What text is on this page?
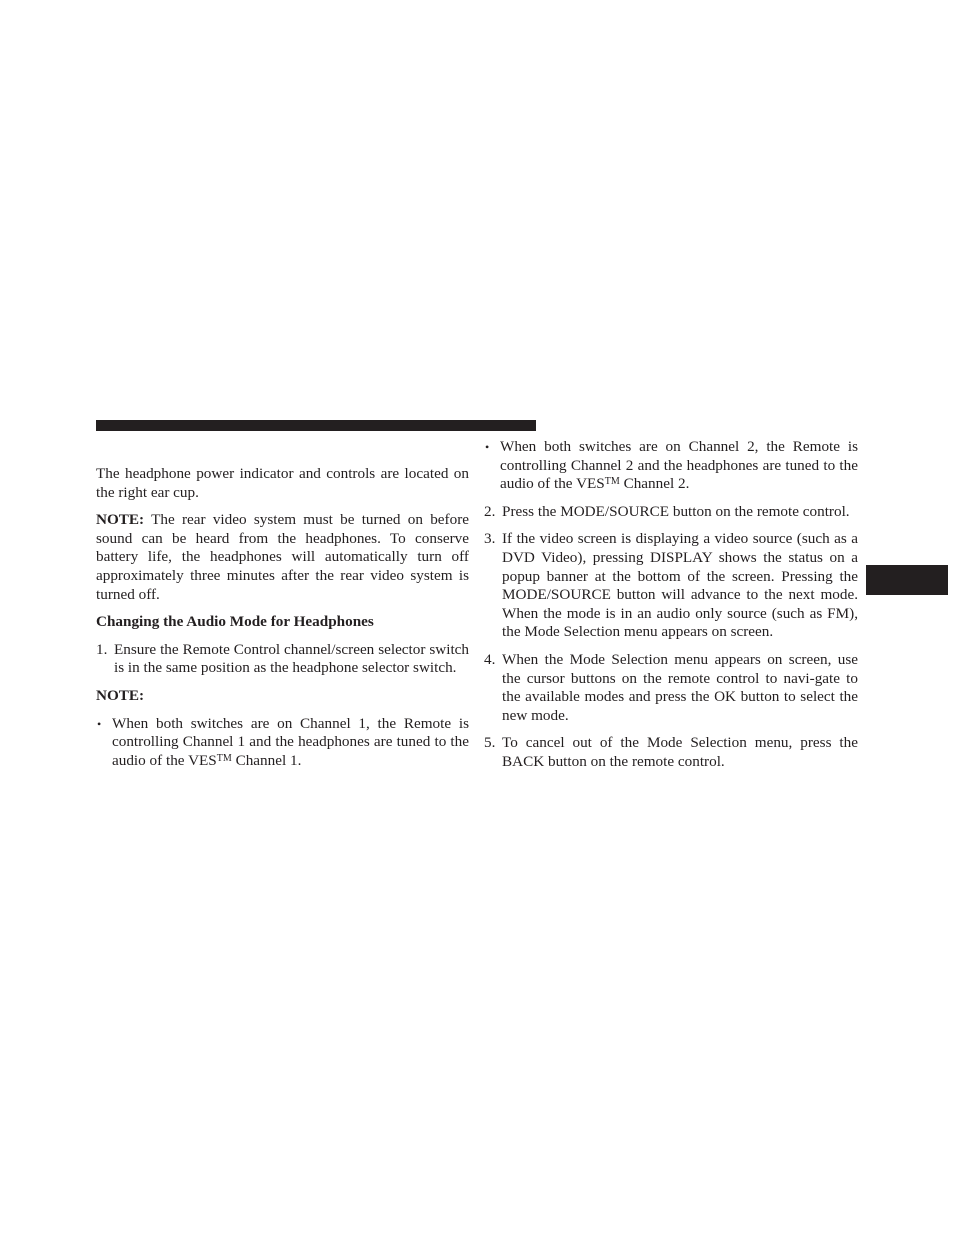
The headphone power indicator and controls are located on the right ear cup.

NOTE: The rear video system must be turned on before sound can be heard from the headphones. To conserve battery life, the headphones will automatically turn off approximately three minutes after the rear video system is turned off.

Changing the Audio Mode for Headphones
1. Ensure the Remote Control channel/screen selector switch is in the same position as the headphone selector switch.
NOTE:
• When both switches are on Channel 1, the Remote is controlling Channel 1 and the headphones are tuned to the audio of the VES™ Channel 1.
• When both switches are on Channel 2, the Remote is controlling Channel 2 and the headphones are tuned to the audio of the VES™ Channel 2.
2. Press the MODE/SOURCE button on the remote control.
3. If the video screen is displaying a video source (such as a DVD Video), pressing DISPLAY shows the status on a popup banner at the bottom of the screen. Pressing the MODE/SOURCE button will advance to the next mode. When the mode is in an audio only source (such as FM), the Mode Selection menu appears on screen.
4. When the Mode Selection menu appears on screen, use the cursor buttons on the remote control to navi-gate to the available modes and press the OK button to select the new mode.
5. To cancel out of the Mode Selection menu, press the BACK button on the remote control.
